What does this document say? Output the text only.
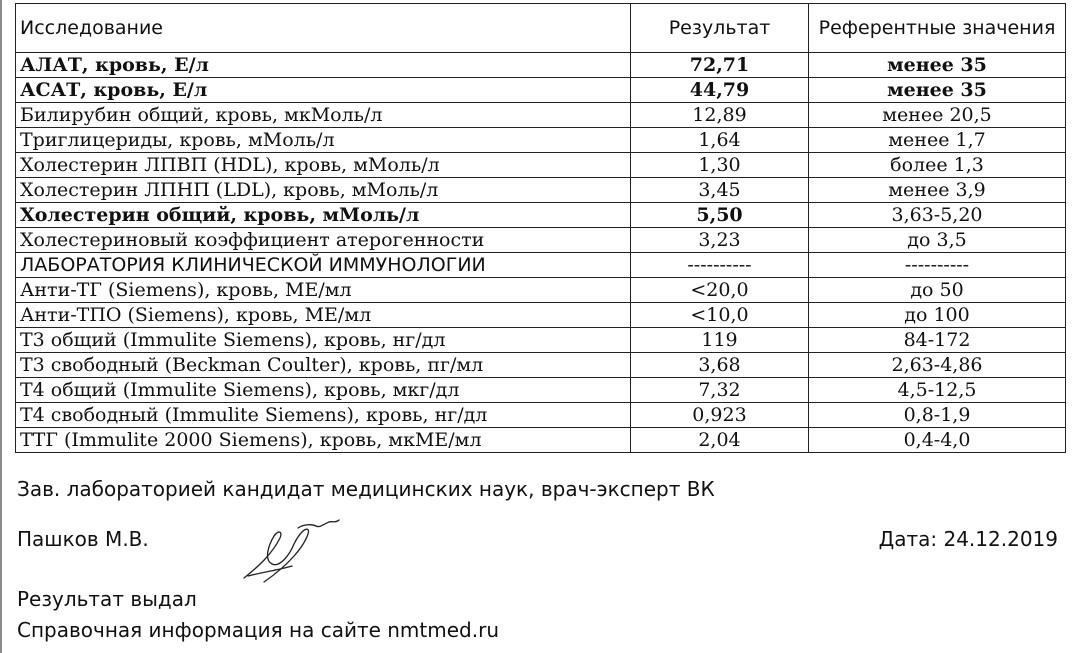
Исследование	Результат	Референтные значения
АЛАТ, кровь, Е/л	72,71	менее 35
АСАТ, кровь, Е/л	44,79	менее 35
Билирубин общий, кровь, мкМоль/л	12,89	менее 20,5
Триглицериды, кровь, мМоль/л	1,64	менее 1,7
Холестерин ЛПВП (HDL), кровь, мМоль/л	1,30	более 1,3
Холестерин ЛПНП (LDL), кровь, мМоль/л	3,45	менее 3,9
Холестерин общий, кровь, мМоль/л	5,50	3,63-5,20
Холестериновый коэффициент атерогенности	3,23	до 3,5
ЛАБОРАТОРИЯ КЛИНИЧЕСКОЙ ИММУНОЛОГИИ	----------	----------
Анти-ТГ (Siemens), кровь, МЕ/мл	<20,0	до 50
Анти-ТПО (Siemens), кровь, МЕ/мл	<10,0	до 100
Т3 общий (Immulite Siemens), кровь, нг/дл	119	84-172
Т3 свободный (Beckman Coulter), кровь, пг/мл	3,68	2,63-4,86
Т4 общий (Immulite Siemens), кровь, мкг/дл	7,32	4,5-12,5
Т4 свободный (Immulite Siemens), кровь, нг/дл	0,923	0,8-1,9
ТТГ (Immulite 2000 Siemens), кровь, мкМЕ/мл	2,04	0,4-4,0
Зав. лабораторией кандидат медицинских наук, врач-эксперт ВК
Пашков М.В.	Дата: 24.12.2019
Результат выдал
Справочная информация на сайте nmtmed.ru
